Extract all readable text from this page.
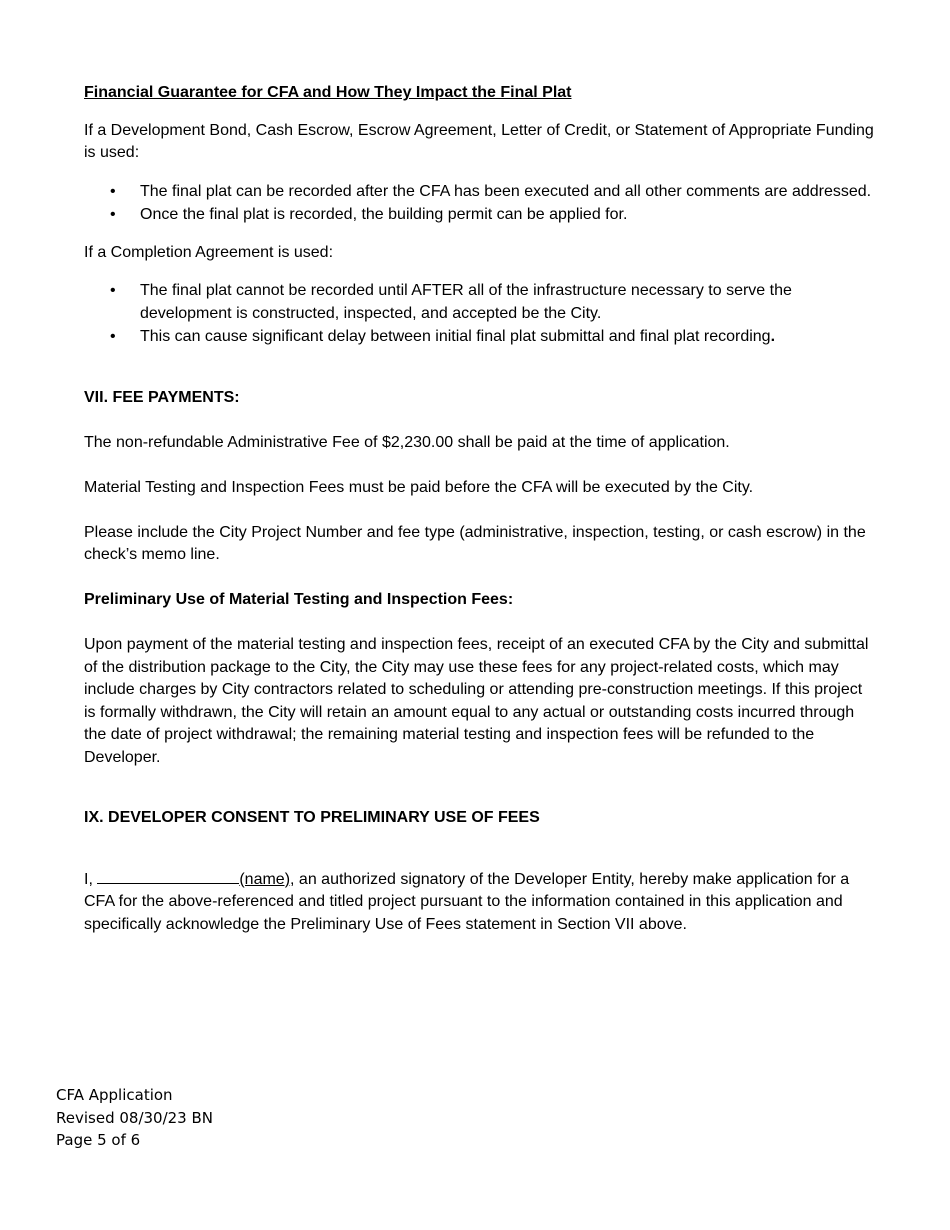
Financial Guarantee for CFA and How They Impact the Final Plat

If a Development Bond, Cash Escrow, Escrow Agreement, Letter of Credit, or Statement of Appropriate Funding is used:

• The final plat can be recorded after the CFA has been executed and all other comments are addressed.
• Once the final plat is recorded, the building permit can be applied for.

If a Completion Agreement is used:

• The final plat cannot be recorded until AFTER all of the infrastructure necessary to serve the development is constructed, inspected, and accepted be the City.
• This can cause significant delay between initial final plat submittal and final plat recording.

VII. FEE PAYMENTS:

The non-refundable Administrative Fee of $2,230.00 shall be paid at the time of application.

Material Testing and Inspection Fees must be paid before the CFA will be executed by the City.

Please include the City Project Number and fee type (administrative, inspection, testing, or cash escrow) in the check’s memo line.

Preliminary Use of Material Testing and Inspection Fees:

Upon payment of the material testing and inspection fees, receipt of an executed CFA by the City and submittal of the distribution package to the City, the City may use these fees for any project-related costs, which may include charges by City contractors related to scheduling or attending pre-construction meetings. If this project is formally withdrawn, the City will retain an amount equal to any actual or outstanding costs incurred through the date of project withdrawal; the remaining material testing and inspection fees will be refunded to the Developer.

IX. DEVELOPER CONSENT TO PRELIMINARY USE OF FEES

I,	(name), an authorized signatory of the Developer Entity, hereby make application for a CFA for the above-referenced and titled project pursuant to the information contained in this application and specifically acknowledge the Preliminary Use of Fees statement in Section VII above.

CFA Application
Revised 08/30/23 BN
Page 5 of 6
